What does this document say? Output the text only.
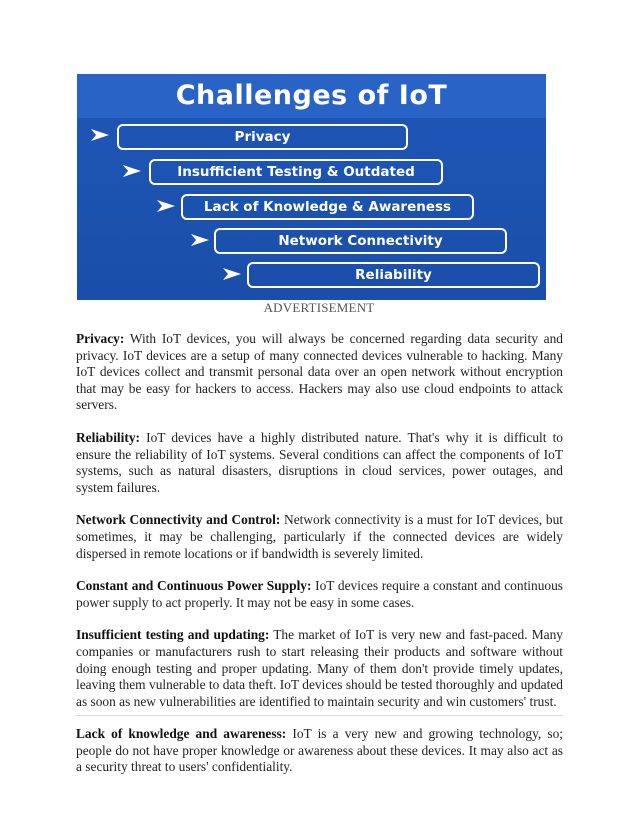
Challenges of IoT
Privacy
Insufficient Testing & Outdated
Lack of Knowledge & Awareness
Network Connectivity
Reliability
ADVERTISEMENT

Privacy: With IoT devices, you will always be concerned regarding data security and privacy. IoT devices are a setup of many connected devices vulnerable to hacking. Many IoT devices collect and transmit personal data over an open network without encryption that may be easy for hackers to access. Hackers may also use cloud endpoints to attack servers.

Reliability: IoT devices have a highly distributed nature. That's why it is difficult to ensure the reliability of IoT systems. Several conditions can affect the components of IoT systems, such as natural disasters, disruptions in cloud services, power outages, and system failures.

Network Connectivity and Control: Network connectivity is a must for IoT devices, but sometimes, it may be challenging, particularly if the connected devices are widely dispersed in remote locations or if bandwidth is severely limited.

Constant and Continuous Power Supply: IoT devices require a constant and continuous power supply to act properly. It may not be easy in some cases.

Insufficient testing and updating: The market of IoT is very new and fast-paced. Many companies or manufacturers rush to start releasing their products and software without doing enough testing and proper updating. Many of them don't provide timely updates, leaving them vulnerable to data theft. IoT devices should be tested thoroughly and updated as soon as new vulnerabilities are identified to maintain security and win customers' trust.

Lack of knowledge and awareness: IoT is a very new and growing technology, so; people do not have proper knowledge or awareness about these devices. It may also act as a security threat to users' confidentiality.
